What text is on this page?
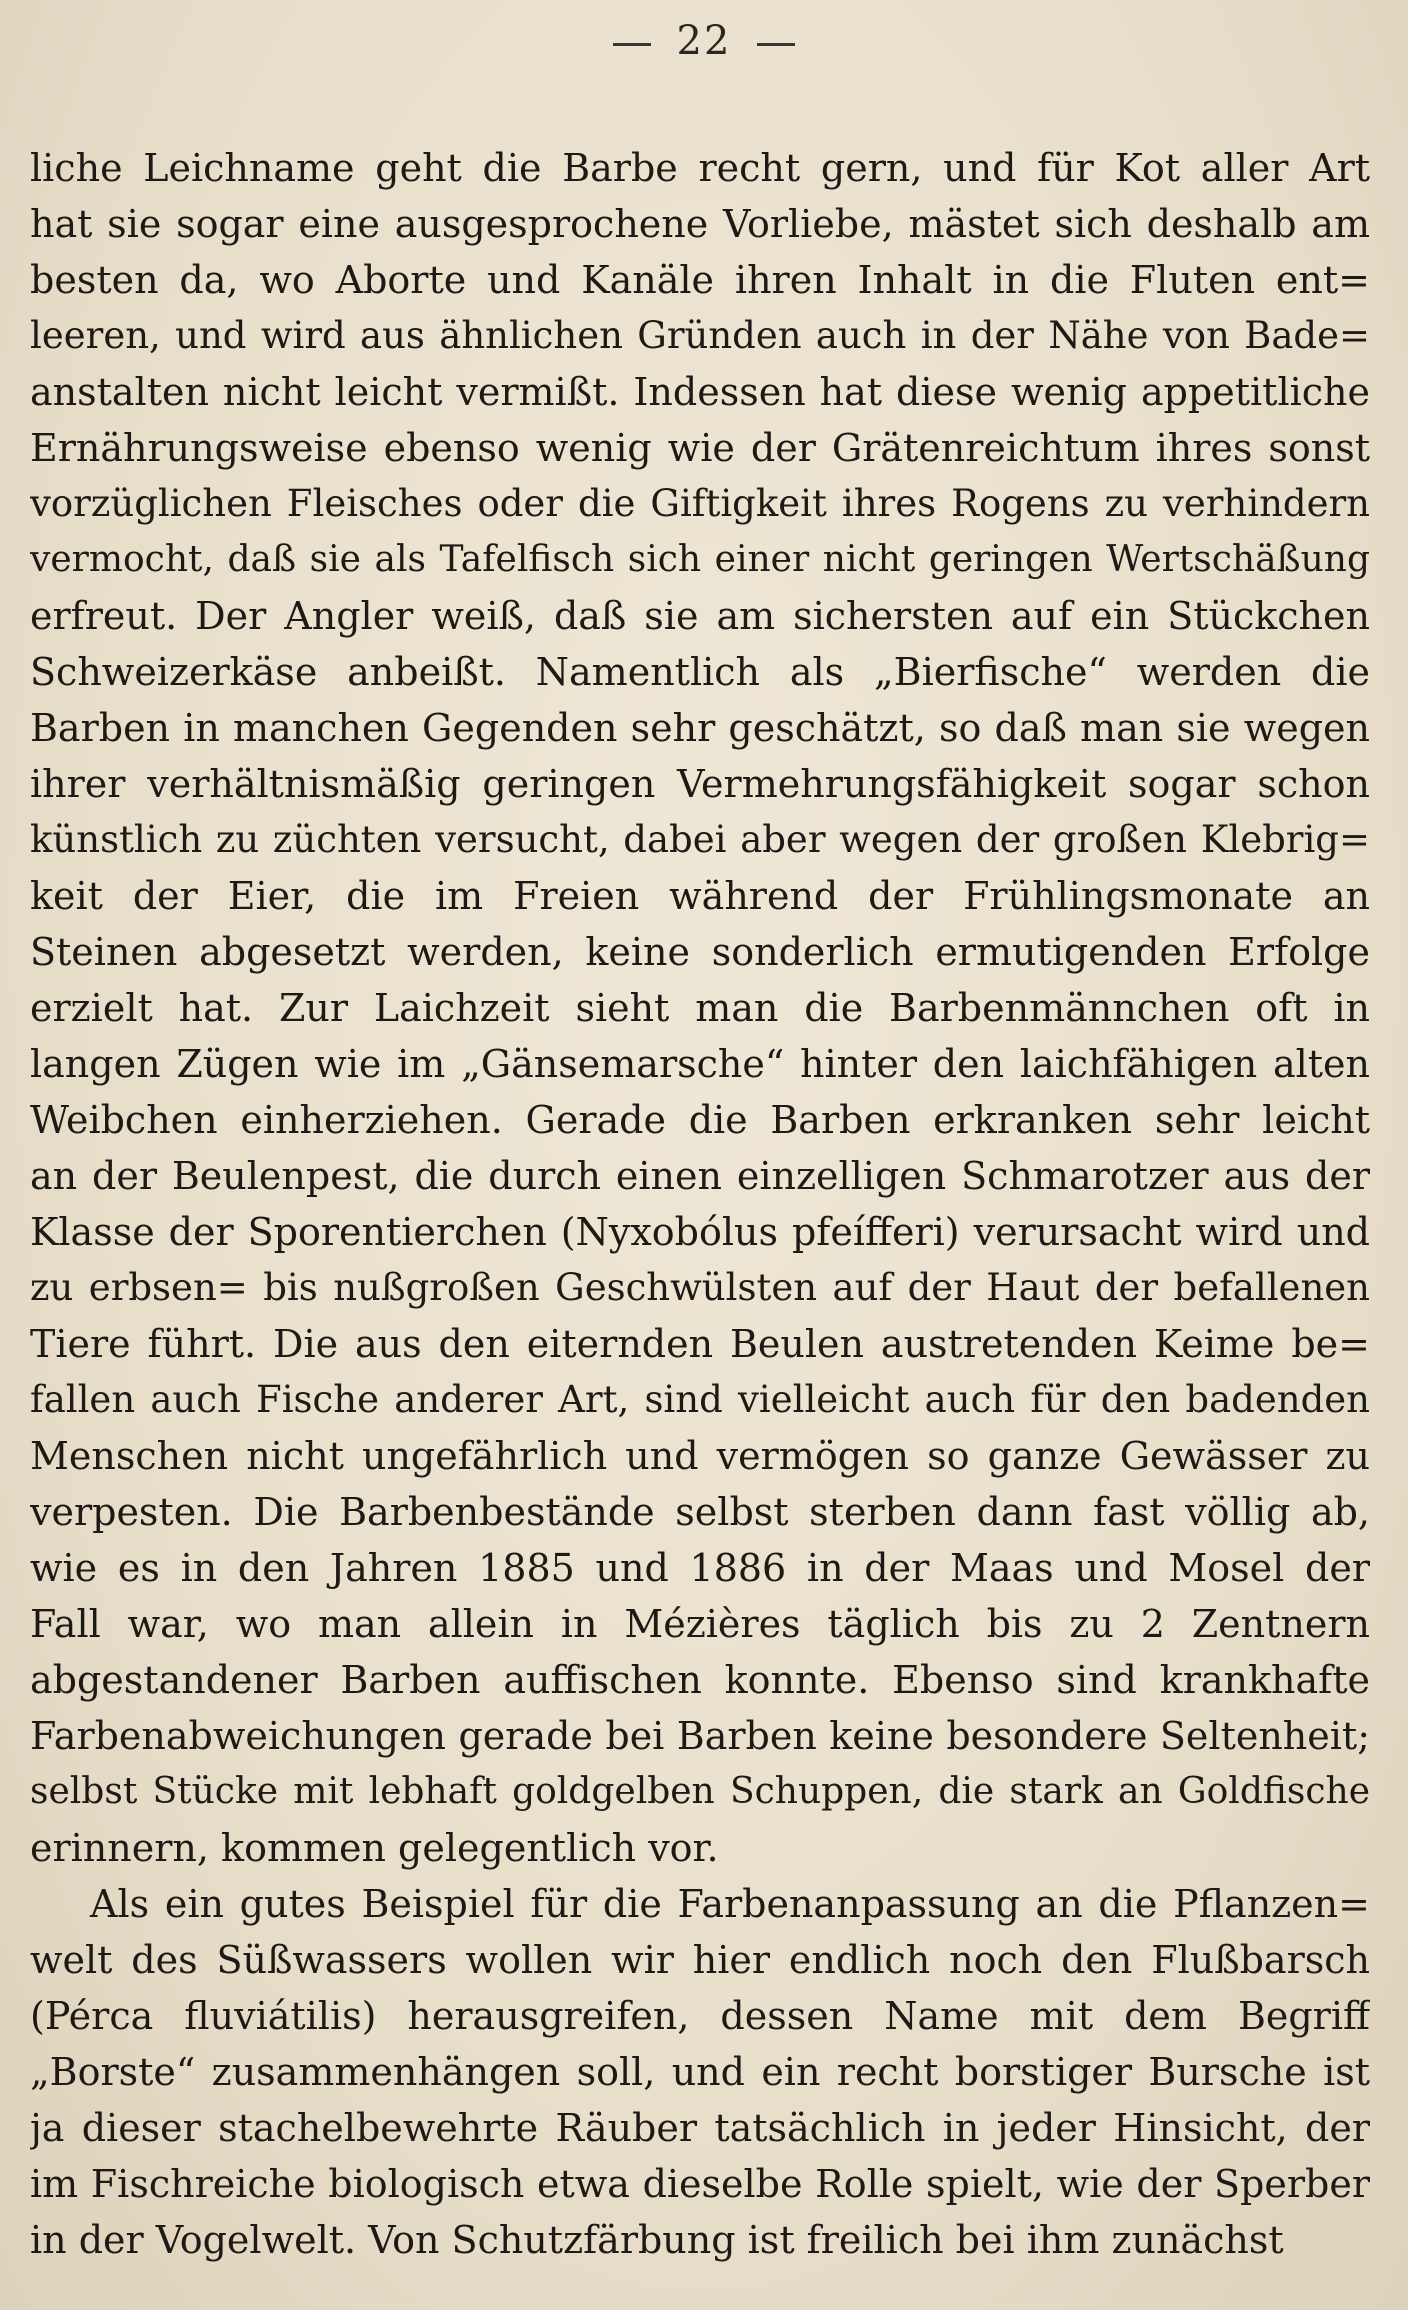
22
liche Leichname geht die Barbe recht gern, und für Kot aller Art
hat sie sogar eine ausgesprochene Vorliebe, mästet sich deshalb am
besten da, wo Aborte und Kanäle ihren Inhalt in die Fluten ent=
leeren, und wird aus ähnlichen Gründen auch in der Nähe von Bade=
anstalten nicht leicht vermißt. Indessen hat diese wenig appetitliche
Ernährungsweise ebenso wenig wie der Grätenreichtum ihres sonst
vorzüglichen Fleisches oder die Giftigkeit ihres Rogens zu verhindern
vermocht, daß sie als Tafelfisch sich einer nicht geringen Wertschäßung
erfreut. Der Angler weiß, daß sie am sichersten auf ein Stückchen
Schweizerkäse anbeißt. Namentlich als „Bierfische“ werden die
Barben in manchen Gegenden sehr geschätzt, so daß man sie wegen
ihrer verhältnismäßig geringen Vermehrungsfähigkeit sogar schon
künstlich zu züchten versucht, dabei aber wegen der großen Klebrig=
keit der Eier, die im Freien während der Frühlingsmonate an
Steinen abgesetzt werden, keine sonderlich ermutigenden Erfolge
erzielt hat. Zur Laichzeit sieht man die Barbenmännchen oft in
langen Zügen wie im „Gänsemarsche“ hinter den laichfähigen alten
Weibchen einherziehen. Gerade die Barben erkranken sehr leicht
an der Beulenpest, die durch einen einzelligen Schmarotzer aus der
Klasse der Sporentierchen (Nyxobólus pfeífferi) verursacht wird und
zu erbsen= bis nußgroßen Geschwülsten auf der Haut der befallenen
Tiere führt. Die aus den eiternden Beulen austretenden Keime be=
fallen auch Fische anderer Art, sind vielleicht auch für den badenden
Menschen nicht ungefährlich und vermögen so ganze Gewässer zu
verpesten. Die Barbenbestände selbst sterben dann fast völlig ab,
wie es in den Jahren 1885 und 1886 in der Maas und Mosel der
Fall war, wo man allein in Mézières täglich bis zu 2 Zentnern
abgestandener Barben auffischen konnte. Ebenso sind krankhafte
Farbenabweichungen gerade bei Barben keine besondere Seltenheit;
selbst Stücke mit lebhaft goldgelben Schuppen, die stark an Goldfische
erinnern, kommen gelegentlich vor.
Als ein gutes Beispiel für die Farbenanpassung an die Pflanzen=
welt des Süßwassers wollen wir hier endlich noch den Flußbarsch
(Pérca fluviátilis) herausgreifen, dessen Name mit dem Begriff
„Borste“ zusammenhängen soll, und ein recht borstiger Bursche ist
ja dieser stachelbewehrte Räuber tatsächlich in jeder Hinsicht, der
im Fischreiche biologisch etwa dieselbe Rolle spielt, wie der Sperber
in der Vogelwelt. Von Schutzfärbung ist freilich bei ihm zunächst
